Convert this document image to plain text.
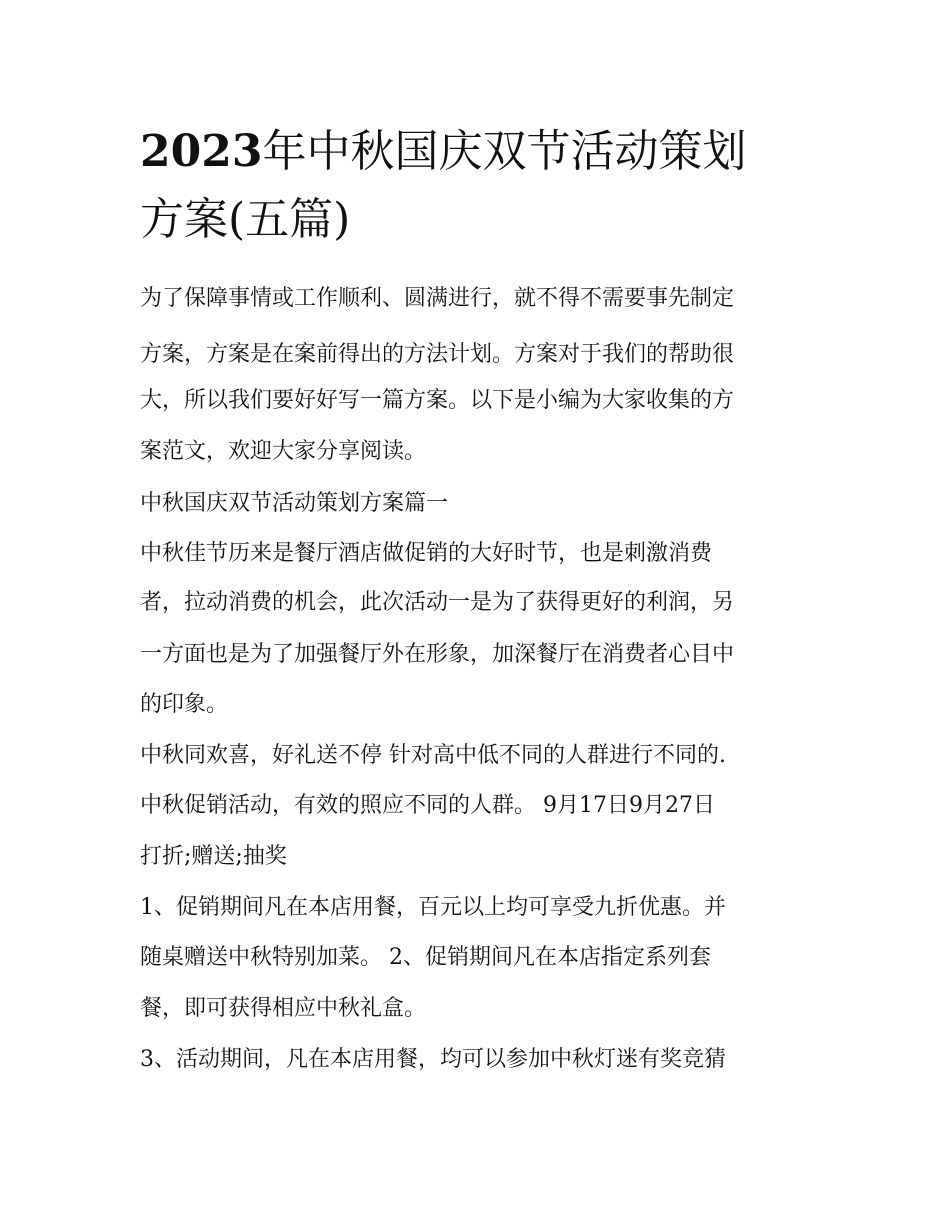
2023年中秋国庆双节活动策划
方案(五篇)

为了保障事情或工作顺利、圆满进行，就不得不需要事先制定

方案，方案是在案前得出的方法计划。方案对于我们的帮助很

大，所以我们要好好写一篇方案。以下是小编为大家收集的方

案范文，欢迎大家分享阅读。

中秋国庆双节活动策划方案篇一

中秋佳节历来是餐厅酒店做促销的大好时节，也是刺激消费

者，拉动消费的机会，此次活动一是为了获得更好的利润，另

一方面也是为了加强餐厅外在形象，加深餐厅在消费者心目中

的印象。

中秋同欢喜，好礼送不停 针对高中低不同的人群进行不同的.

中秋促销活动，有效的照应不同的人群。 9月17日9月27日

打折;赠送;抽奖

1、促销期间凡在本店用餐，百元以上均可享受九折优惠。并

随桌赠送中秋特别加菜。 2、促销期间凡在本店指定系列套

餐，即可获得相应中秋礼盒。

3、活动期间，凡在本店用餐，均可以参加中秋灯迷有奖竞猜
